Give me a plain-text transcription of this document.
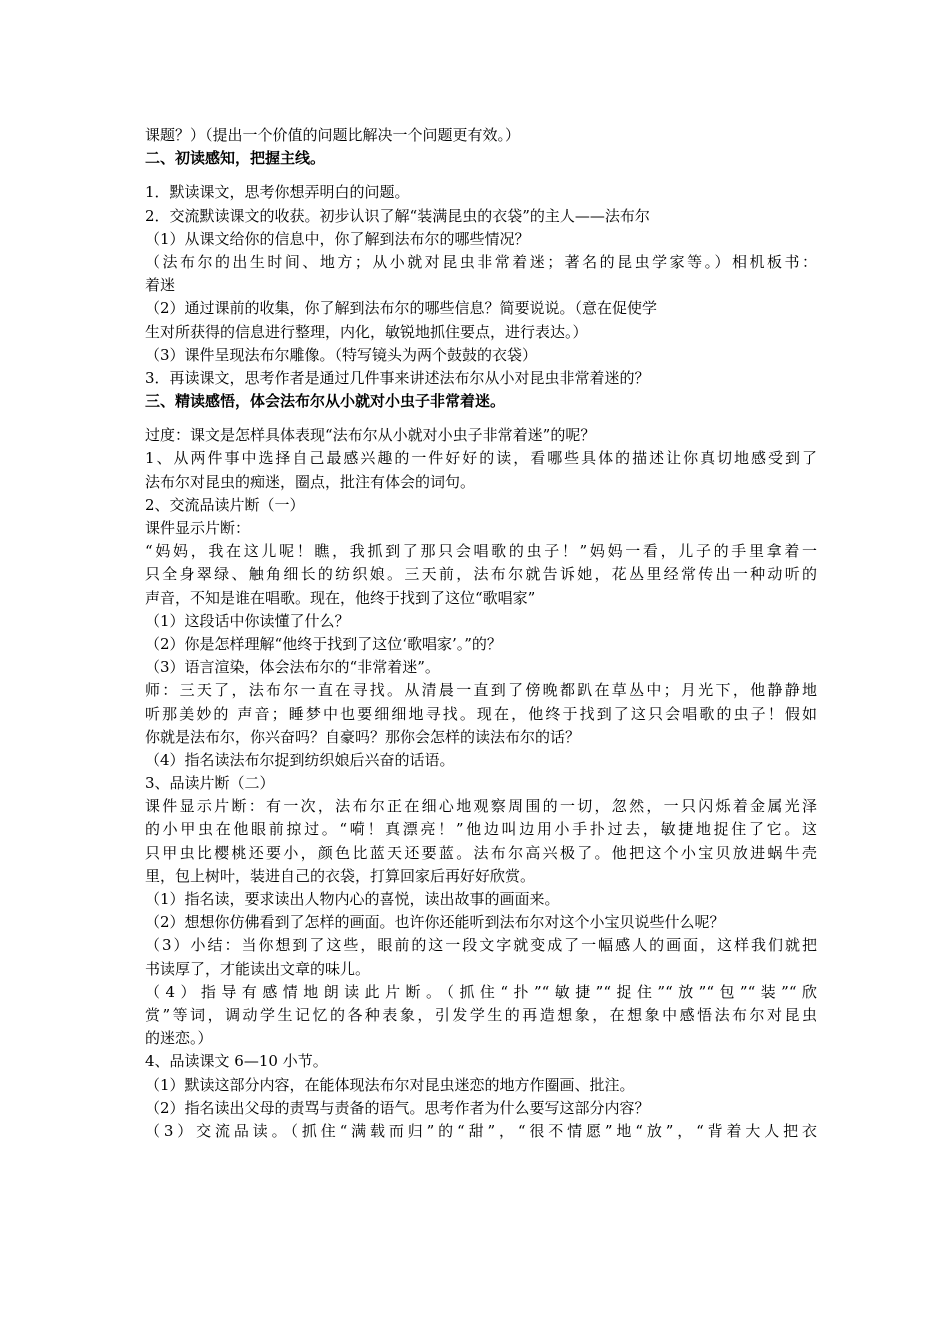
课题？）（提出一个价值的问题比解决一个问题更有效。）
二、初读感知，把握主线。
1．默读课文，思考你想弄明白的问题。
2．交流默读课文的收获。初步认识了解“装满昆虫的衣袋”的主人——法布尔
（1）从课文给你的信息中，你了解到法布尔的哪些情况？
（法布尔的出生时间、地方；从小就对昆虫非常着迷；著名的昆虫学家等。）相机板书：
着迷
（2）通过课前的收集，你了解到法布尔的哪些信息？简要说说。（意在促使学
生对所获得的信息进行整理，内化，敏锐地抓住要点，进行表达。）
（3）课件呈现法布尔雕像。（特写镜头为两个鼓鼓的衣袋）
3．再读课文，思考作者是通过几件事来讲述法布尔从小对昆虫非常着迷的？
三、精读感悟，体会法布尔从小就对小虫子非常着迷。
过度：课文是怎样具体表现“法布尔从小就对小虫子非常着迷”的呢？
1、从两件事中选择自己最感兴趣的一件好好的读，看哪些具体的描述让你真切地感受到了
法布尔对昆虫的痴迷，圈点，批注有体会的词句。
2、交流品读片断（一）
课件显示片断：
“妈妈，我在这儿呢！瞧，我抓到了那只会唱歌的虫子！”妈妈一看，儿子的手里拿着一
只全身翠绿、触角细长的纺织娘。三天前，法布尔就告诉她，花丛里经常传出一种动听的
声音，不知是谁在唱歌。现在，他终于找到了这位“歌唱家”
（1）这段话中你读懂了什么？
（2）你是怎样理解“他终于找到了这位‘歌唱家’。”的？
（3）语言渲染，体会法布尔的“非常着迷”。
师：三天了，法布尔一直在寻找。从清晨一直到了傍晚都趴在草丛中；月光下，他静静地
听那美妙的 声音；睡梦中也要细细地寻找。现在，他终于找到了这只会唱歌的虫子！假如
你就是法布尔，你兴奋吗？自豪吗？那你会怎样的读法布尔的话？
（4）指名读法布尔捉到纺织娘后兴奋的话语。
3、品读片断（二）
课件显示片断：有一次，法布尔正在细心地观察周围的一切，忽然，一只闪烁着金属光泽
的小甲虫在他眼前掠过。“嗬！真漂亮！”他边叫边用小手扑过去，敏捷地捉住了它。这
只甲虫比樱桃还要小，颜色比蓝天还要蓝。法布尔高兴极了。他把这个小宝贝放进蜗牛壳
里，包上树叶，装进自己的衣袋，打算回家后再好好欣赏。
（1）指名读，要求读出人物内心的喜悦，读出故事的画面来。
（2）想想你仿佛看到了怎样的画面。也许你还能听到法布尔对这个小宝贝说些什么呢？
（3）小结：当你想到了这些，眼前的这一段文字就变成了一幅感人的画面，这样我们就把
书读厚了，才能读出文章的味儿。
（4）指导有感情地朗读此片断。（抓住“扑”“敏捷”“捉住”“放”“包”“装”“欣
赏”等词，调动学生记忆的各种表象，引发学生的再造想象，在想象中感悟法布尔对昆虫
的迷恋。）
4、品读课文 6—10 小节。
（1）默读这部分内容，在能体现法布尔对昆虫迷恋的地方作圈画、批注。
（2）指名读出父母的责骂与责备的语气。思考作者为什么要写这部分内容？
（3）交流品读。（抓住“满载而归”的“甜”，“很不情愿”地“放”，“背着大人把衣
